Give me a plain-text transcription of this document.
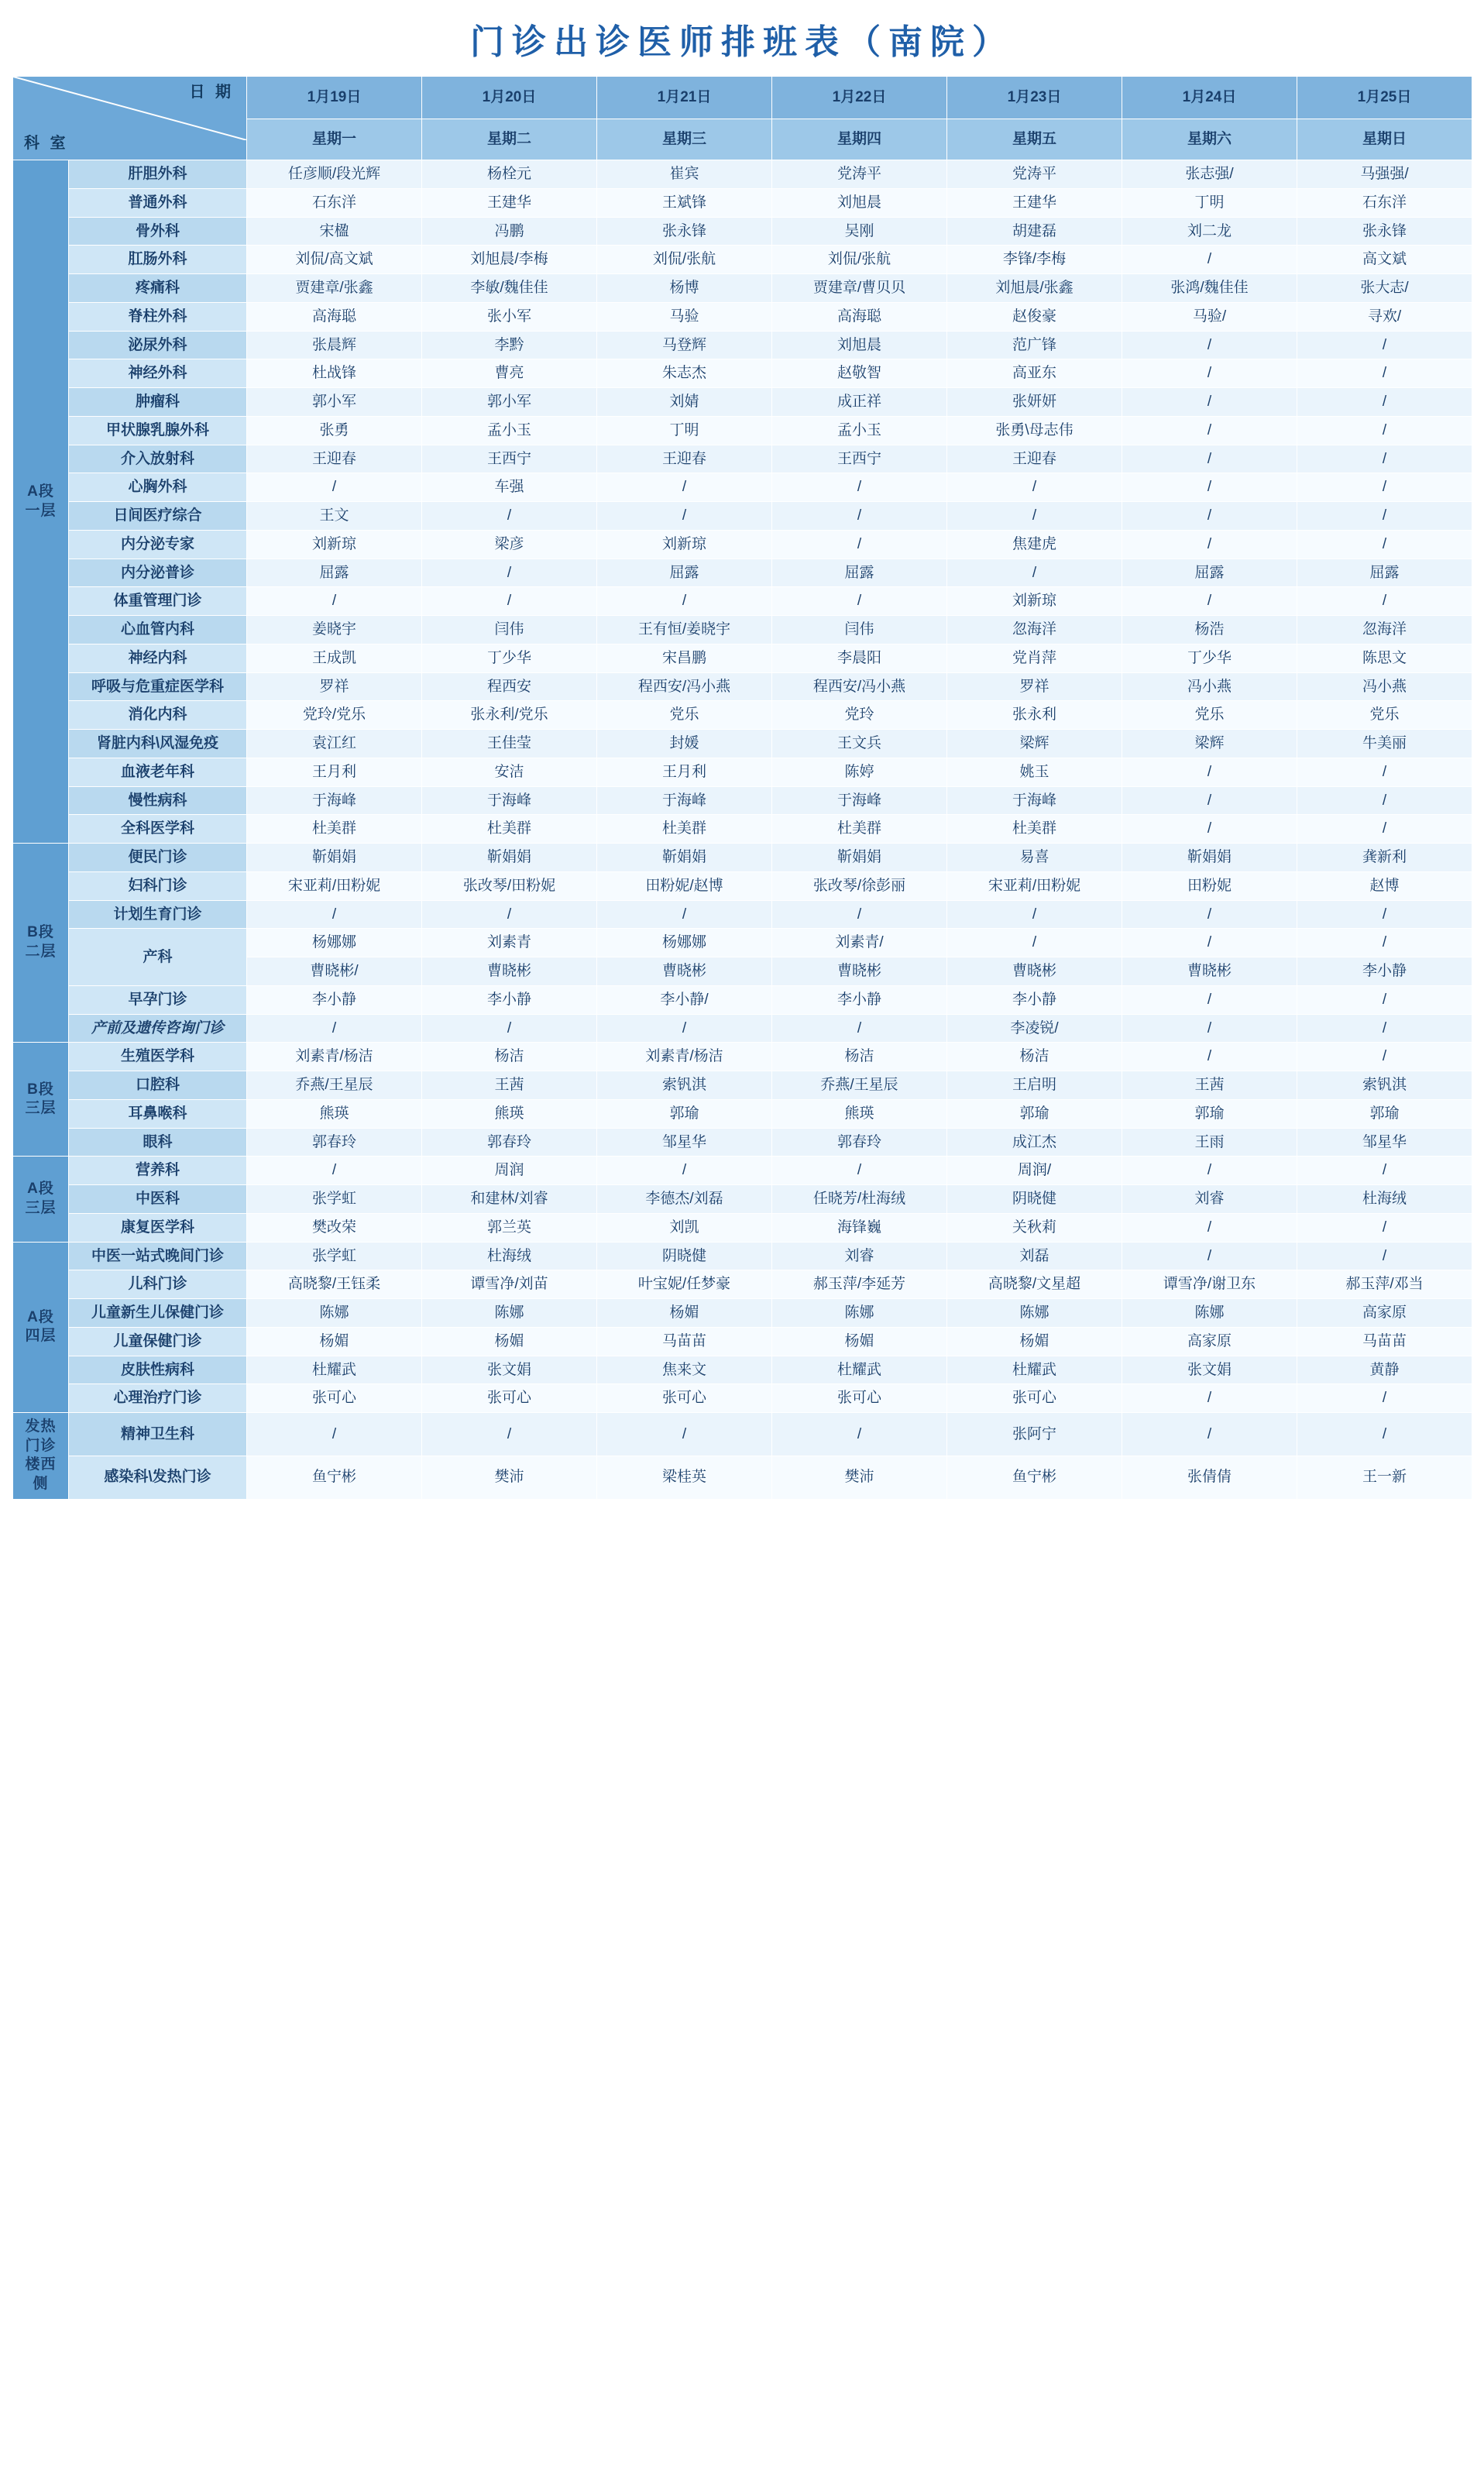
门诊出诊医师排班表（南院）
科 室
日 期		1月19日	1月20日	1月21日	1月22日	1月23日	1月24日	1月25日
		星期一	星期二	星期三	星期四	星期五	星期六	星期日

A段
一层	肝胆外科	任彦顺/段光辉	杨栓元	崔宾	党涛平	党涛平	张志强/	马强强/
	普通外科	石东洋	王建华	王斌锋	刘旭晨	王建华	丁明	石东洋
	骨外科	宋楹	冯鹏	张永锋	吴刚	胡建磊	刘二龙	张永锋
	肛肠外科	刘侃/高文斌	刘旭晨/李梅	刘侃/张航	刘侃/张航	李锋/李梅	/	高文斌
	疼痛科	贾建章/张鑫	李敏/魏佳佳	杨博	贾建章/曹贝贝	刘旭晨/张鑫	张鸿/魏佳佳	张大志/
	脊柱外科	高海聪	张小军	马验	高海聪	赵俊豪	马验/	寻欢/
	泌尿外科	张晨辉	李黔	马登辉	刘旭晨	范广锋	/	/
	神经外科	杜战锋	曹亮	朱志杰	赵敬智	高亚东	/	/
	肿瘤科	郭小军	郭小军	刘婧	成正祥	张妍妍	/	/
	甲状腺乳腺外科	张勇	孟小玉	丁明	孟小玉	张勇\母志伟	/	/
	介入放射科	王迎春	王西宁	王迎春	王西宁	王迎春	/	/
	心胸外科	/	车强	/	/	/	/	/
	日间医疗综合	王文	/	/	/	/	/	/
	内分泌专家	刘新琼	梁彦	刘新琼	/	焦建虎	/	/
	内分泌普诊	屈露	/	屈露	屈露	/	屈露	屈露
	体重管理门诊	/	/	/	/	刘新琼	/	/
	心血管内科	姜晓宇	闫伟	王有恒/姜晓宇	闫伟	忽海洋	杨浩	忽海洋
	神经内科	王成凯	丁少华	宋昌鹏	李晨阳	党肖萍	丁少华	陈思文
	呼吸与危重症医学科	罗祥	程西安	程西安/冯小燕	程西安/冯小燕	罗祥	冯小燕	冯小燕
	消化内科	党玲/党乐	张永利/党乐	党乐	党玲	张永利	党乐	党乐
	肾脏内科\风湿免疫	袁江红	王佳莹	封媛	王文兵	梁辉	梁辉	牛美丽
	血液老年科	王月利	安洁	王月利	陈婷	姚玉	/	/
	慢性病科	于海峰	于海峰	于海峰	于海峰	于海峰	/	/
	全科医学科	杜美群	杜美群	杜美群	杜美群	杜美群	/	/

B段
二层	便民门诊	靳娟娟	靳娟娟	靳娟娟	靳娟娟	易喜	靳娟娟	龚新利
	妇科门诊	宋亚莉/田粉妮	张改琴/田粉妮	田粉妮/赵博	张改琴/徐彭丽	宋亚莉/田粉妮	田粉妮	赵博
	计划生育门诊	/	/	/	/	/	/	/
	产科	杨娜娜	刘素青	杨娜娜	刘素青/	/	/	/
		曹晓彬/	曹晓彬	曹晓彬	曹晓彬	曹晓彬	曹晓彬	李小静
	早孕门诊	李小静	李小静	李小静/	李小静	李小静	/	/
	产前及遗传咨询门诊	/	/	/	/	李凌锐/	/	/

B段
三层	生殖医学科	刘素青/杨洁	杨洁	刘素青/杨洁	杨洁	杨洁	/	/
	口腔科	乔燕/王星辰	王茜	索钒淇	乔燕/王星辰	王启明	王茜	索钒淇
	耳鼻喉科	熊瑛	熊瑛	郭瑜	熊瑛	郭瑜	郭瑜	郭瑜
	眼科	郭春玲	郭春玲	邹星华	郭春玲	成江杰	王雨	邹星华

A段
三层	营养科	/	周润	/	/	周润/	/	/
	中医科	张学虹	和建林/刘睿	李德杰/刘磊	任晓芳/杜海绒	阴晓健	刘睿	杜海绒
	康复医学科	樊改荣	郭兰英	刘凯	海锋巍	关秋莉	/	/

A段
四层	中医一站式晚间门诊	张学虹	杜海绒	阴晓健	刘睿	刘磊	/	/
	儿科门诊	高晓黎/王钰柔	谭雪净/刘苗	叶宝妮/任梦豪	郝玉萍/李延芳	高晓黎/文星超	谭雪净/谢卫东	郝玉萍/邓当
	儿童新生儿保健门诊	陈娜	陈娜	杨媚	陈娜	陈娜	陈娜	高家原
	儿童保健门诊	杨媚	杨媚	马苗苗	杨媚	杨媚	高家原	马苗苗
	皮肤性病科	杜耀武	张文娟	焦来文	杜耀武	杜耀武	张文娟	黄静
	心理治疗门诊	张可心	张可心	张可心	张可心	张可心	/	/

发热
门诊
楼西
侧	精神卫生科	/	/	/	/	张阿宁	/	/
	感染科\发热门诊	鱼宁彬	樊沛	梁桂英	樊沛	鱼宁彬	张倩倩	王一新
